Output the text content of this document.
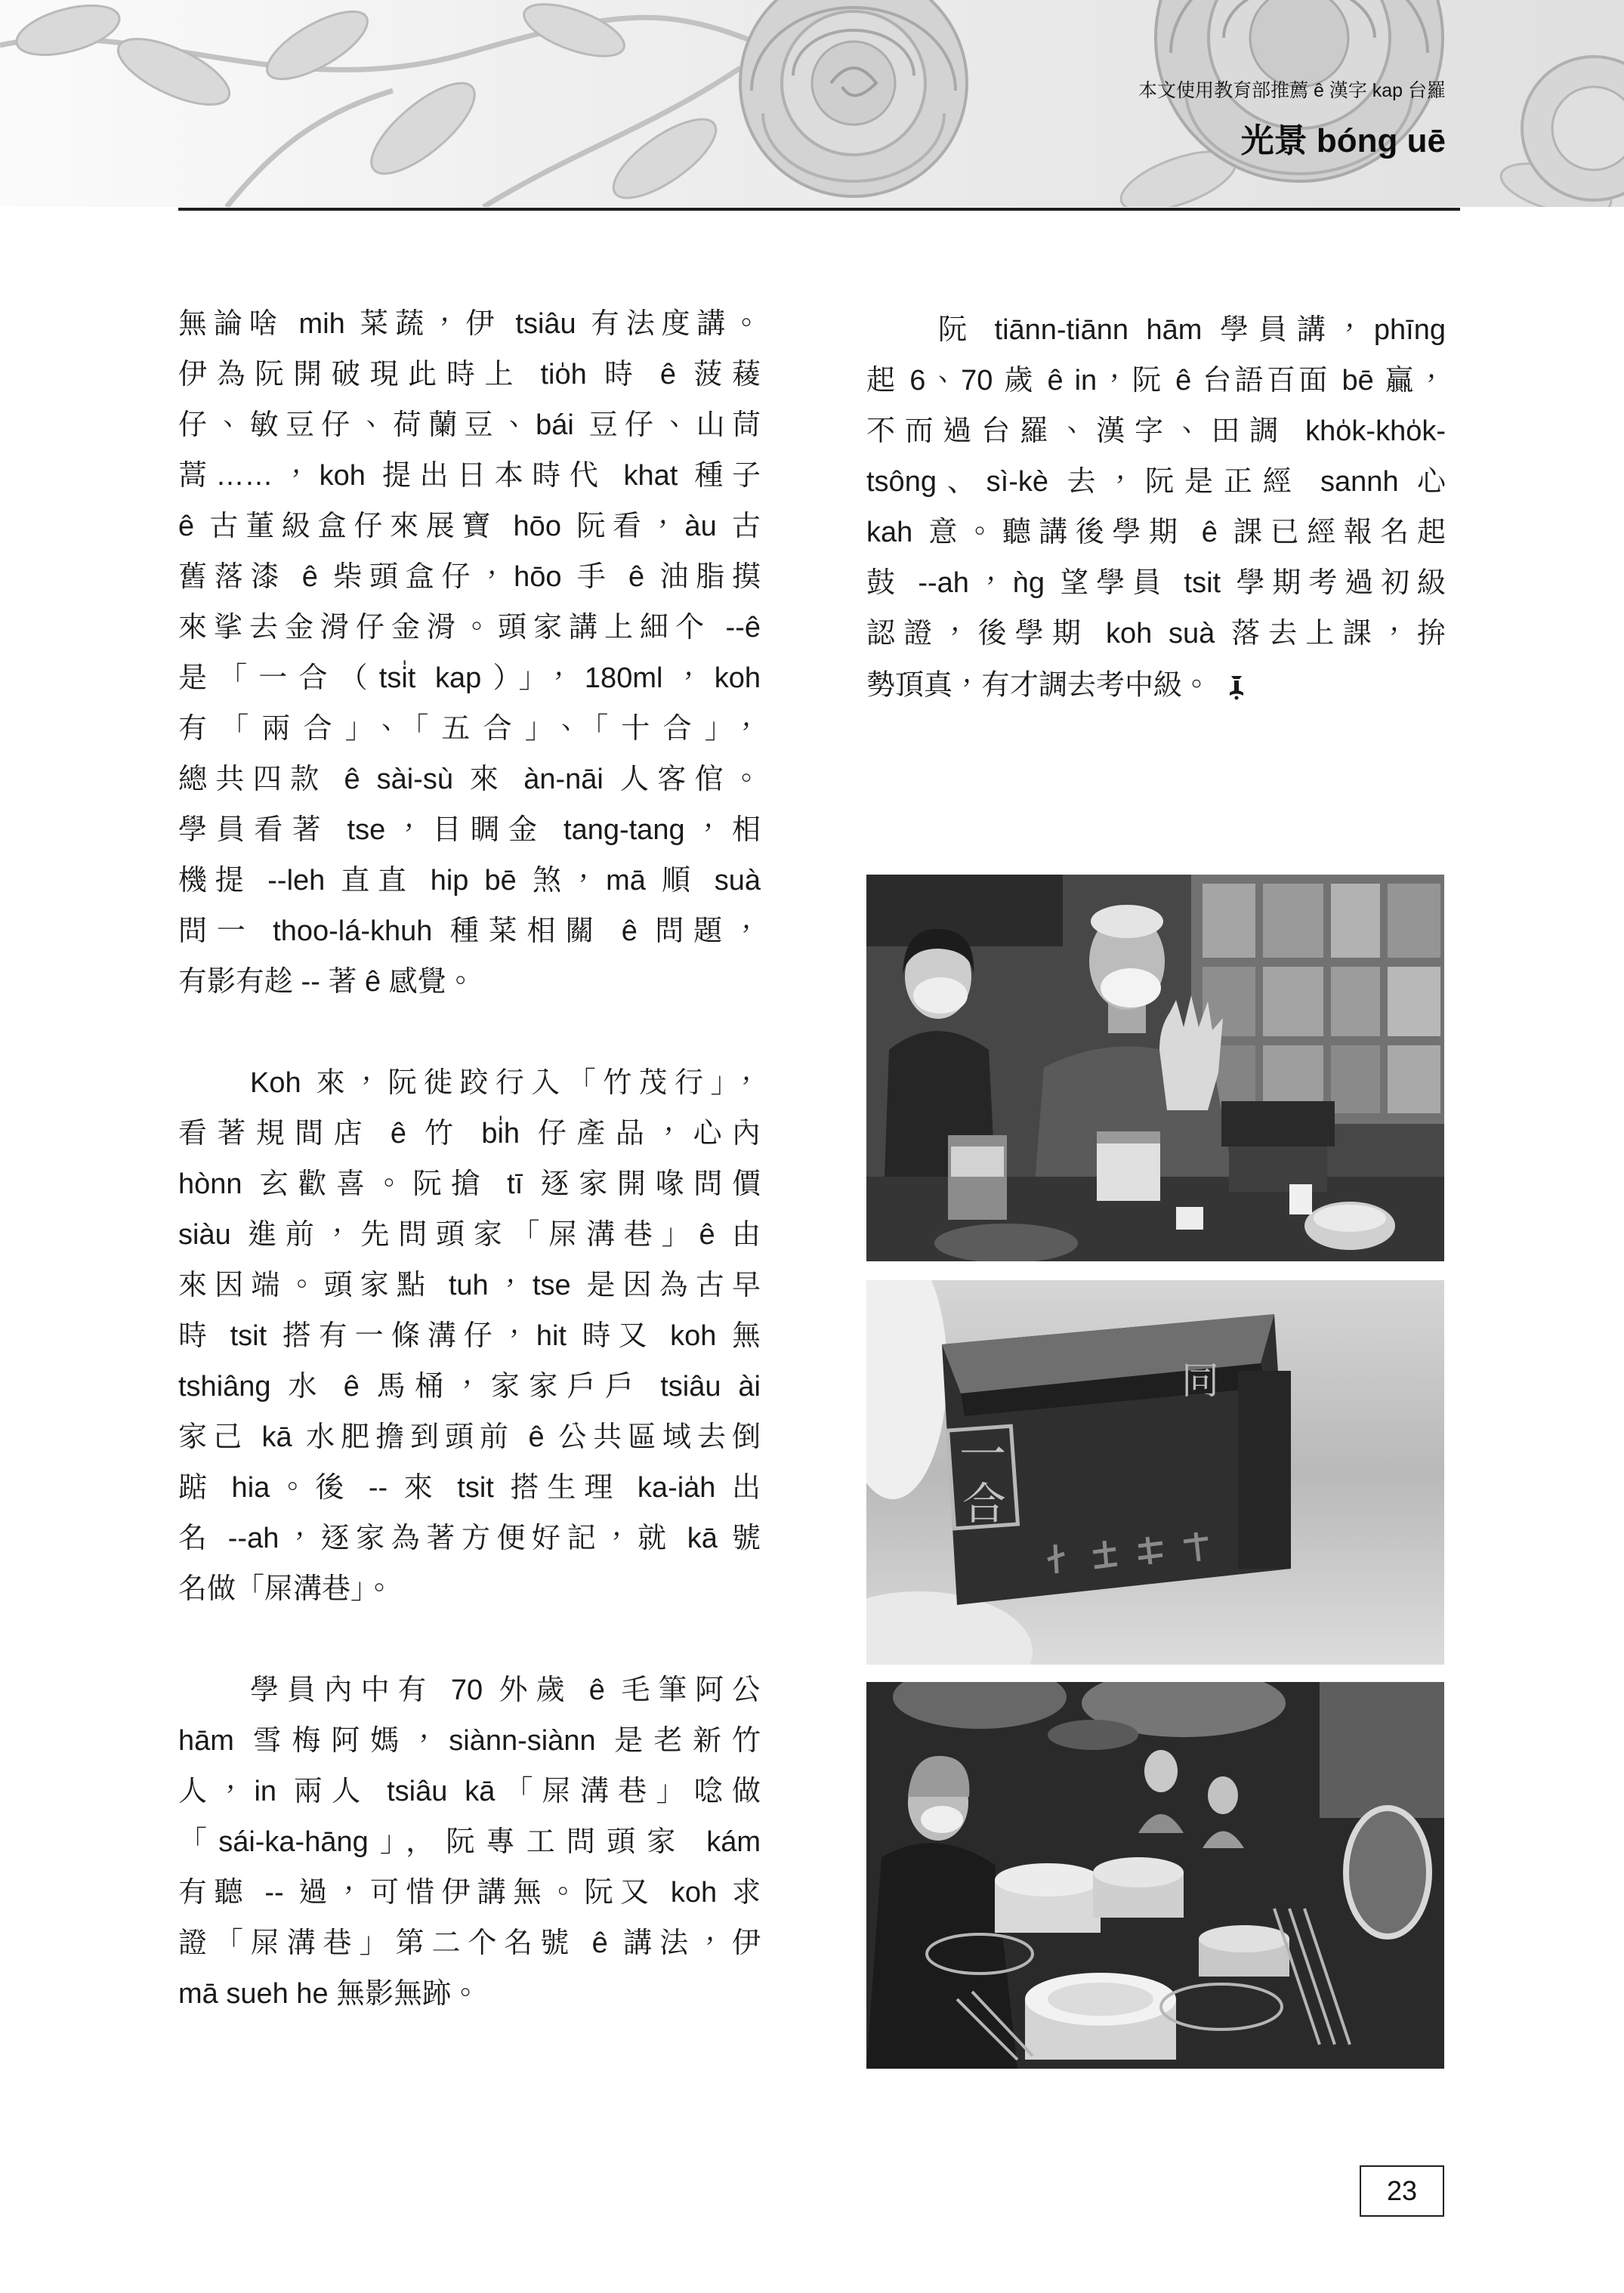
本文使用教育部推薦 ê 漢字 kap 台羅
光景 bóng uē
無論啥 mih 菜蔬，伊 tsiâu 有法度講。
伊為阮開破現此時上 tio̍h 時 ê 菠薐
仔、敏豆仔、荷蘭豆、bái 豆仔、山茼
蒿……，koh 提出日本時代 khat 種子
ê 古董級盒仔來展寶 hōo 阮看，àu 古
舊落漆 ê 柴頭盒仔，hōo 手 ê 油脂摸
來挲去金滑仔金滑。頭家講上細个 --ê
是「一合（tsi̍t kap）」，180ml，koh
有「兩合」、「五合」、「十合」，
總共四款 ê sài-sù 來 àn-nāi 人客倌。
學員看著 tse，目睭金 tang-tang，相
機提 --leh 直直 hip bē 煞，mā 順 suà
問一 thoo-lá-khuh 種菜相關 ê 問題，
有影有趁 -- 著 ê 感覺。
Koh 來，阮徙跤行入「竹茂行」，
看著規間店 ê 竹 bi̍h 仔產品，心內
hònn 玄歡喜。阮搶 tī 逐家開喙問價
siàu 進前，先問頭家「屎溝巷」ê 由
來因端。頭家點 tuh，tse 是因為古早
時 tsit 搭有一條溝仔，hit 時又 koh 無
tshiâng 水 ê 馬桶，家家戶戶 tsiâu ài
家己 kā 水肥擔到頭前 ê 公共區域去倒
踮 hia。後 -- 來 tsit 搭生理 ka-ia̍h 出
名 --ah，逐家為著方便好記，就 kā 號
名做「屎溝巷」。
學員內中有 70 外歲 ê 毛筆阿公
hām 雪梅阿媽，siànn-siànn 是老新竹
人，in 兩人 tsiâu kā「屎溝巷」唸做
「sái-ka-hāng」，阮專工問頭家 kám
有聽 -- 過，可惜伊講無。阮又 koh 求
證「屎溝巷」第二个名號 ê 講法，伊
mā sueh he 無影無跡。
阮 tiānn-tiānn hām 學員講，phīng
起 6、70 歲 ê in，阮 ê 台語百面 bē 贏，
不而過台羅、漢字、田調 kho̍k-kho̍k-
tsông、sì-kè 去，阮是正經 sannh 心
kah 意。聽講後學期 ê 課已經報名起
鼓 --ah，ǹg 望學員 tsit 學期考過初級
認證，後學期 koh suà 落去上課，拚
勢頂真，有才調去考中級。
一
合
同
23
